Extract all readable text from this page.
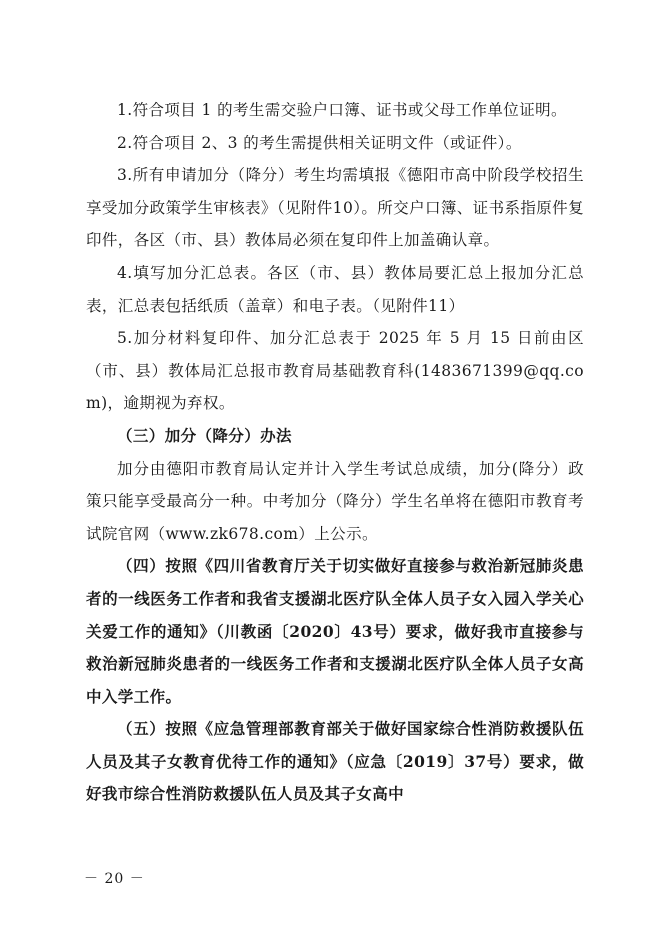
1.符合项目 1 的考生需交验户口簿、证书或父母工作单位证明。

2.符合项目 2、3 的考生需提供相关证明文件（或证件）。

3.所有申请加分（降分）考生均需填报《德阳市高中阶段学校招生享受加分政策学生审核表》（见附件10）。所交户口簿、证书系指原件复印件，各区（市、县）教体局必须在复印件上加盖确认章。

4.填写加分汇总表。各区（市、县）教体局要汇总上报加分汇总表，汇总表包括纸质（盖章）和电子表。（见附件11）

5.加分材料复印件、加分汇总表于 2025 年 5 月 15 日前由区（市、县）教体局汇总报市教育局基础教育科(1483671399@qq.com)，逾期视为弃权。

（三）加分（降分）办法

加分由德阳市教育局认定并计入学生考试总成绩，加分(降分）政策只能享受最高分一种。中考加分（降分）学生名单将在德阳市教育考试院官网（www.zk678.com）上公示。

（四）按照《四川省教育厅关于切实做好直接参与救治新冠肺炎患者的一线医务工作者和我省支援湖北医疗队全体人员子女入园入学关心关爱工作的通知》（川教函〔2020〕43号）要求，做好我市直接参与救治新冠肺炎患者的一线医务工作者和支援湖北医疗队全体人员子女高中入学工作。

（五）按照《应急管理部教育部关于做好国家综合性消防救援队伍人员及其子女教育优待工作的通知》（应急〔2019〕37号）要求，做好我市综合性消防救援队伍人员及其子女高中

－ 20 －
